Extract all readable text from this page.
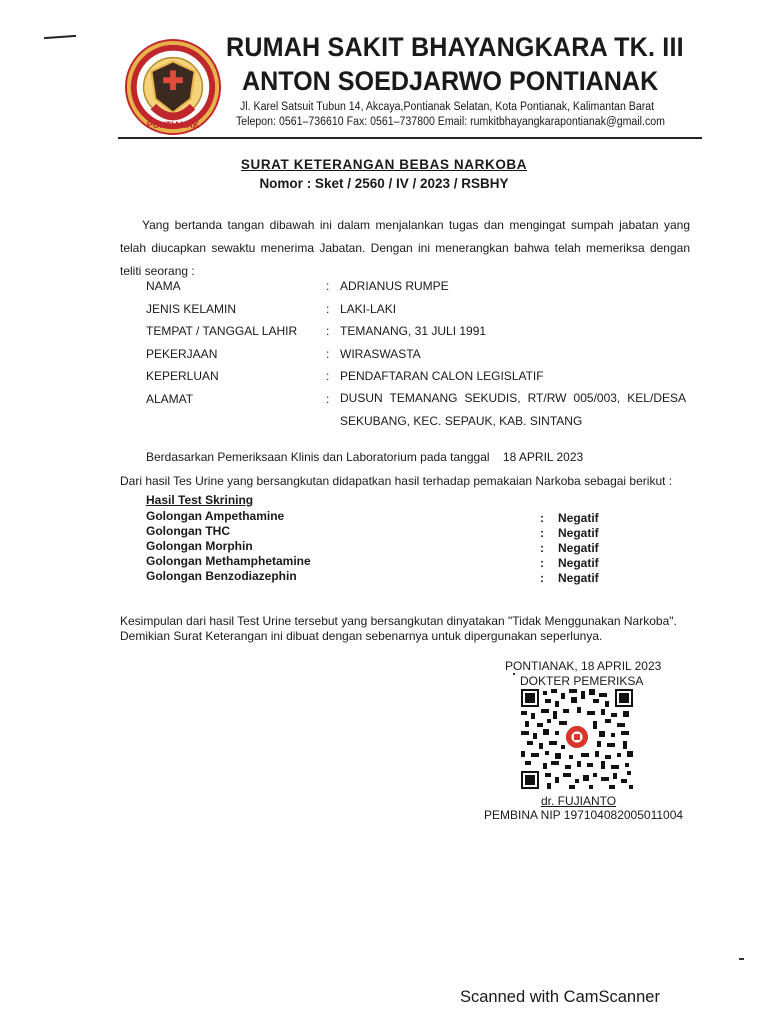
PONTIANAK
RUMAH SAKIT BHAYANGKARA TK. III
ANTON SOEDJARWO PONTIANAK
Jl. Karel Satsuit Tubun 14, Akcaya,Pontianak Selatan, Kota Pontianak, Kalimantan Barat
Telepon: 0561–736610 Fax: 0561–737800 Email: rumkitbhayangkarapontianak@gmail.com
SURAT KETERANGAN BEBAS NARKOBA
Nomor : Sket / 2560 / IV / 2023 / RSBHY
Yang bertanda tangan dibawah ini dalam menjalankan tugas dan mengingat sumpah jabatan yang telah diucapkan sewaktu menerima Jabatan. Dengan ini menerangkan bahwa telah memeriksa dengan teliti seorang :
NAMA	: ADRIANUS RUMPE
JENIS KELAMIN	: LAKI-LAKI
TEMPAT / TANGGAL LAHIR : TEMANANG, 31 JULI 1991
PEKERJAAN	: WIRASWASTA
KEPERLUAN	: PENDAFTARAN CALON LEGISLATIF
ALAMAT	: DUSUN TEMANANG SEKUDIS, RT/RW 005/003, KEL/DESA SEKUBANG, KEC. SEPAUK, KAB. SINTANG
Berdasarkan Pemeriksaan Klinis dan Laboratorium pada tanggal 18 APRIL 2023
Dari hasil Tes Urine yang bersangkutan didapatkan hasil terhadap pemakaian Narkoba sebagai berikut :
Hasil Test Skrining
Golongan Ampethamine	: Negatif
Golongan THC	: Negatif
Golongan Morphin	: Negatif
Golongan Methamphetamine	: Negatif
Golongan Benzodiazephin	: Negatif
Kesimpulan dari hasil Test Urine tersebut yang bersangkutan dinyatakan "Tidak Menggunakan Narkoba".
Demikian Surat Keterangan ini dibuat dengan sebenarnya untuk dipergunakan seperlunya.
PONTIANAK, 18 APRIL 2023
DOKTER PEMERIKSA
dr. FUJIANTO
PEMBINA NIP 197104082005011004
Scanned with CamScanner
